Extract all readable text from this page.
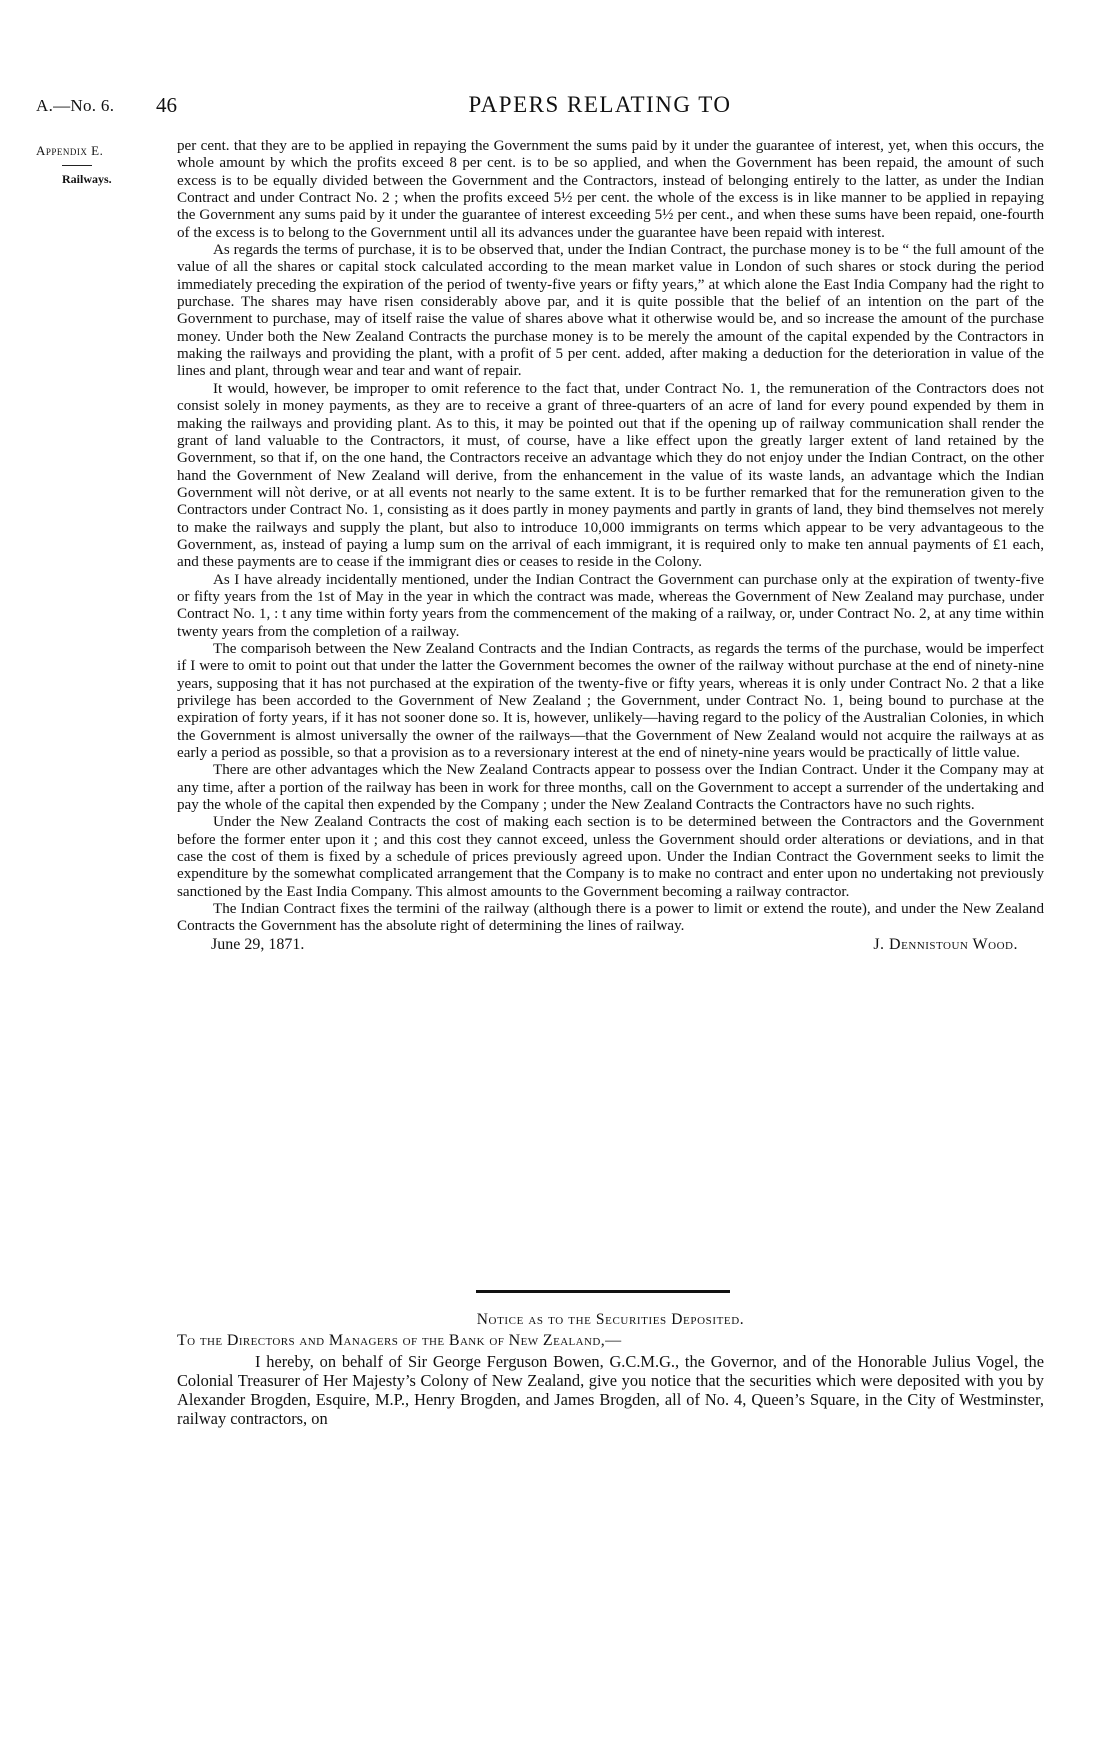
A.—No. 6. 46	PAPERS RELATING TO
Appendix E.
Railways.

per cent. that they are to be applied in repaying the Government the sums paid by it under the guarantee of interest, yet, when this occurs, the whole amount by which the profits exceed 8 per cent. is to be so applied, and when the Government has been repaid, the amount of such excess is to be equally divided between the Government and the Contractors, instead of belonging entirely to the latter, as under the Indian Contract and under Contract No. 2 ; when the profits exceed 5½ per cent. the whole of the excess is in like manner to be applied in repaying the Government any sums paid by it under the guarantee of interest exceeding 5½ per cent., and when these sums have been repaid, one-fourth of the excess is to belong to the Government until all its advances under the guarantee have been repaid with interest.

As regards the terms of purchase, it is to be observed that, under the Indian Contract, the purchase money is to be “ the full amount of the value of all the shares or capital stock calculated according to the mean market value in London of such shares or stock during the period immediately preceding the expiration of the period of twenty-five years or fifty years,” at which alone the East India Company had the right to purchase. The shares may have risen considerably above par, and it is quite possible that the belief of an intention on the part of the Government to purchase, may of itself raise the value of shares above what it otherwise would be, and so increase the amount of the purchase money. Under both the New Zealand Contracts the purchase money is to be merely the amount of the capital expended by the Contractors in making the railways and providing the plant, with a profit of 5 per cent. added, after making a deduction for the deterioration in value of the lines and plant, through wear and tear and want of repair.

It would, however, be improper to omit reference to the fact that, under Contract No. 1, the remuneration of the Contractors does not consist solely in money payments, as they are to receive a grant of three-quarters of an acre of land for every pound expended by them in making the railways and providing plant. As to this, it may be pointed out that if the opening up of railway communication shall render the grant of land valuable to the Contractors, it must, of course, have a like effect upon the greatly larger extent of land retained by the Government, so that if, on the one hand, the Contractors receive an advantage which they do not enjoy under the Indian Contract, on the other hand the Government of New Zealand will derive, from the enhancement in the value of its waste lands, an advantage which the Indian Government will nòt derive, or at all events not nearly to the same extent. It is to be further remarked that for the remuneration given to the Contractors under Contract No. 1, consisting as it does partly in money payments and partly in grants of land, they bind themselves not merely to make the railways and supply the plant, but also to introduce 10,000 immigrants on terms which appear to be very advantageous to the Government, as, instead of paying a lump sum on the arrival of each immigrant, it is required only to make ten annual payments of £1 each, and these payments are to cease if the immigrant dies or ceases to reside in the Colony.

As I have already incidentally mentioned, under the Indian Contract the Government can purchase only at the expiration of twenty-five or fifty years from the 1st of May in the year in which the contract was made, whereas the Government of New Zealand may purchase, under Contract No. 1, : t any time within forty years from the commencement of the making of a railway, or, under Contract No. 2, at any time within twenty years from the completion of a railway.

The comparisoh between the New Zealand Contracts and the Indian Contracts, as regards the terms of the purchase, would be imperfect if I were to omit to point out that under the latter the Government becomes the owner of the railway without purchase at the end of ninety-nine years, supposing that it has not purchased at the expiration of the twenty-five or fifty years, whereas it is only under Contract No. 2 that a like privilege has been accorded to the Government of New Zealand ; the Government, under Contract No. 1, being bound to purchase at the expiration of forty years, if it has not sooner done so. It is, however, unlikely—having regard to the policy of the Australian Colonies, in which the Government is almost universally the owner of the railways—that the Government of New Zealand would not acquire the railways at as early a period as possible, so that a provision as to a reversionary interest at the end of ninety-nine years would be practically of little value.

There are other advantages which the New Zealand Contracts appear to possess over the Indian Contract. Under it the Company may at any time, after a portion of the railway has been in work for three months, call on the Government to accept a surrender of the undertaking and pay the whole of the capital then expended by the Company ; under the New Zealand Contracts the Contractors have no such rights.

Under the New Zealand Contracts the cost of making each section is to be determined between the Contractors and the Government before the former enter upon it ; and this cost they cannot exceed, unless the Government should order alterations or deviations, and in that case the cost of them is fixed by a schedule of prices previously agreed upon. Under the Indian Contract the Government seeks to limit the expenditure by the somewhat complicated arrangement that the Company is to make no contract and enter upon no undertaking not previously sanctioned by the East India Company. This almost amounts to the Government becoming a railway contractor.

The Indian Contract fixes the termini of the railway (although there is a power to limit or extend the route), and under the New Zealand Contracts the Government has the absolute right of determining the lines of railway.

June 29, 1871.	J. Dennistoun Wood.
Notice as to the Securities Deposited.
To the Directors and Managers of the Bank of New Zealand,—

I hereby, on behalf of Sir George Ferguson Bowen, G.C.M.G., the Governor, and of the Honorable Julius Vogel, the Colonial Treasurer of Her Majesty’s Colony of New Zealand, give you notice that the securities which were deposited with you by Alexander Brogden, Esquire, M.P., Henry Brogden, and James Brogden, all of No. 4, Queen’s Square, in the City of Westminster, railway contractors, on
